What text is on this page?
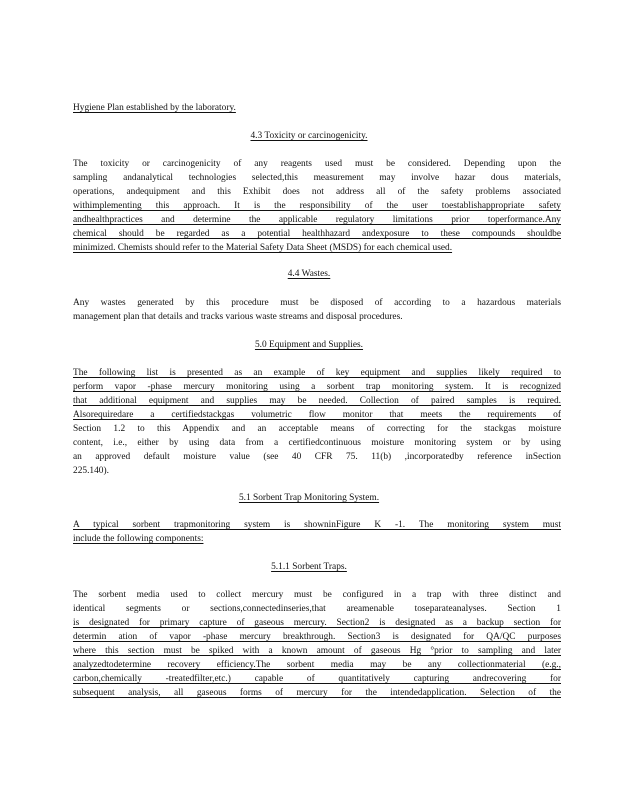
Hygiene Plan established by the laboratory.
4.3 Toxicity or carcinogenicity.
The toxicity or carcinogenicity of any reagents used must be considered. Depending upon the
sampling andanalytical technologies selected,this measurement may involve hazar dous materials,
operations, andequipment and this Exhibit does not address all of the safety problems associated
withimplementing this approach. It is the responsibility of the user toestablishappropriate safety
andhealthpractices and determine the applicable regulatory limitations prior toperformance.Any
chemical should be regarded as a potential healthhazard andexposure to these compounds shouldbe
minimized. Chemists should refer to the Material Safety Data Sheet (MSDS) for each chemical used.
4.4 Wastes.
Any wastes generated by this procedure must be disposed of according to a hazardous materials
management plan that details and tracks various waste streams and disposal procedures.
5.0 Equipment and Supplies.
The following list is presented as an example of key equipment and supplies likely required to
perform vapor -phase mercury monitoring using a sorbent trap monitoring system. It is recognized
that additional equipment and supplies may be needed. Collection of paired samples is required.
Alsorequiredare a certifiedstackgas volumetric flow monitor that meets the requirements of
Section 1.2 to this Appendix and an acceptable means of correcting for the stackgas moisture
content, i.e., either by using data from a certifiedcontinuous moisture monitoring system or by using
an approved default moisture value (see 40 CFR 75. 11(b) ,incorporatedby reference inSection
225.140).
5.1 Sorbent Trap Monitoring System.
A typical sorbent trapmonitoring system is showninFigure K -1. The monitoring system must
include the following components:
5.1.1 Sorbent Traps.
The sorbent media used to collect mercury must be configured in a trap with three distinct and
identical segments or sections,connectedinseries,that areamenable toseparateanalyses. Section 1
is designated for primary capture of gaseous mercury. Section2 is designated as a backup section for
determin ation of vapor -phase mercury breakthrough. Section3 is designated for QA/QC purposes
where this section must be spiked with a known amount of gaseous Hg °prior to sampling and later
analyzedtodetermine recovery efficiency.The sorbent media may be any collectionmaterial (e.g.,
carbon,chemically -treatedfilter,etc.) capable of quantitatively capturing andrecovering for
subsequent analysis, all gaseous forms of mercury for the intendedapplication. Selection of the
